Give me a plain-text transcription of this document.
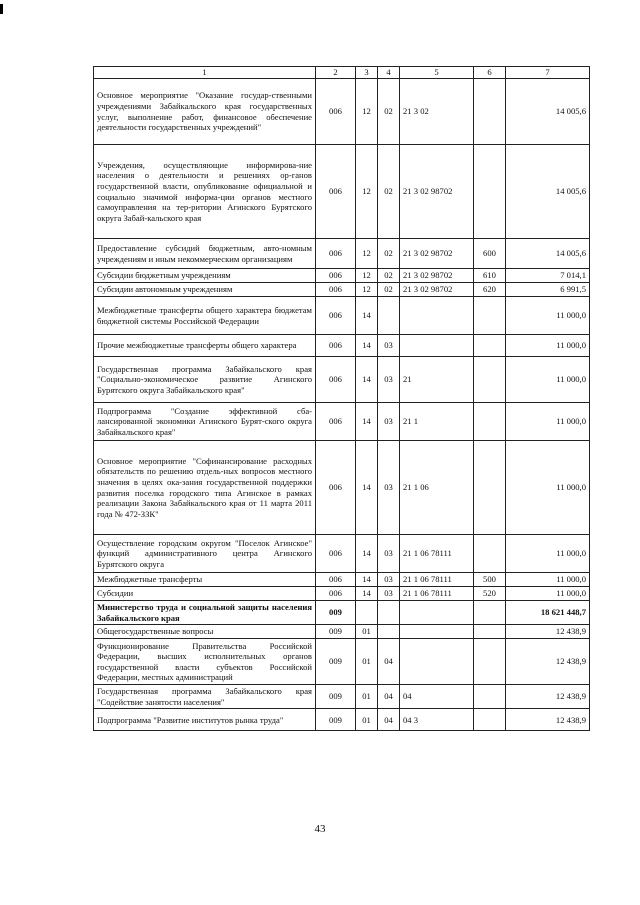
1	2	3	4	5	6	7
Основное мероприятие "Оказание государ-ственными учреждениями Забайкальского края государственных услуг, выполнение работ, финансовое обеспечение деятельности государственных учреждений"	006	12	02	21 3 02		14 005,6
Учреждения, осуществляющие информирова-ние населения о деятельности и решениях ор-ганов государственной власти, опубликование официальной и социально значимой информа-ции органов местного самоуправления на тер-ритории Агинского Бурятского округа Забай-кальского края	006	12	02	21 3 02 98702		14 005,6
Предоставление субсидий бюджетным, авто-номным учреждениям и иным некоммерческим организациям	006	12	02	21 3 02 98702	600	14 005,6
Субсидии бюджетным учреждениям	006	12	02	21 3 02 98702	610	7 014,1
Субсидии автономным учреждениям	006	12	02	21 3 02 98702	620	6 991,5
Межбюджетные трансферты общего характера бюджетам бюджетной системы Российской Федерации	006	14				11 000,0
Прочие межбюджетные трансферты общего характера	006	14	03			11 000,0
Государственная программа Забайкальского края "Социально-экономическое развитие Агинского Бурятского округа Забайкальского края"	006	14	03	21		11 000,0
Подпрограмма "Создание эффективной сба-лансированной экономики Агинского Бурят-ского округа Забайкальского края"	006	14	03	21 1		11 000,0
Основное мероприятие "Софинансирование расходных обязательств по решению отдель-ных вопросов местного значения в целях ока-зания государственной поддержки развития поселка городского типа Агинское в рамках реализации Закона Забайкальского края от 11 марта 2011 года № 472-ЗЗК"	006	14	03	21 1 06		11 000,0
Осуществление городским округом "Поселок Агинское" функций административного центра Агинского Бурятского округа	006	14	03	21 1 06 78111		11 000,0
Межбюджетные трансферты	006	14	03	21 1 06 78111	500	11 000,0
Субсидии	006	14	03	21 1 06 78111	520	11 000,0
Министерство труда и социальной защиты населения Забайкальского края	009					18 621 448,7
Общегосударственные вопросы	009	01				12 438,9
Функционирование Правительства Российской Федерации, высших исполнительных органов государственной власти субъектов Российской Федерации, местных администраций	009	01	04			12 438,9
Государственная программа Забайкальского края "Содействие занятости населения"	009	01	04	04		12 438,9
Подпрограмма "Развитие институтов рынка труда"	009	01	04	04 3		12 438,9
43
